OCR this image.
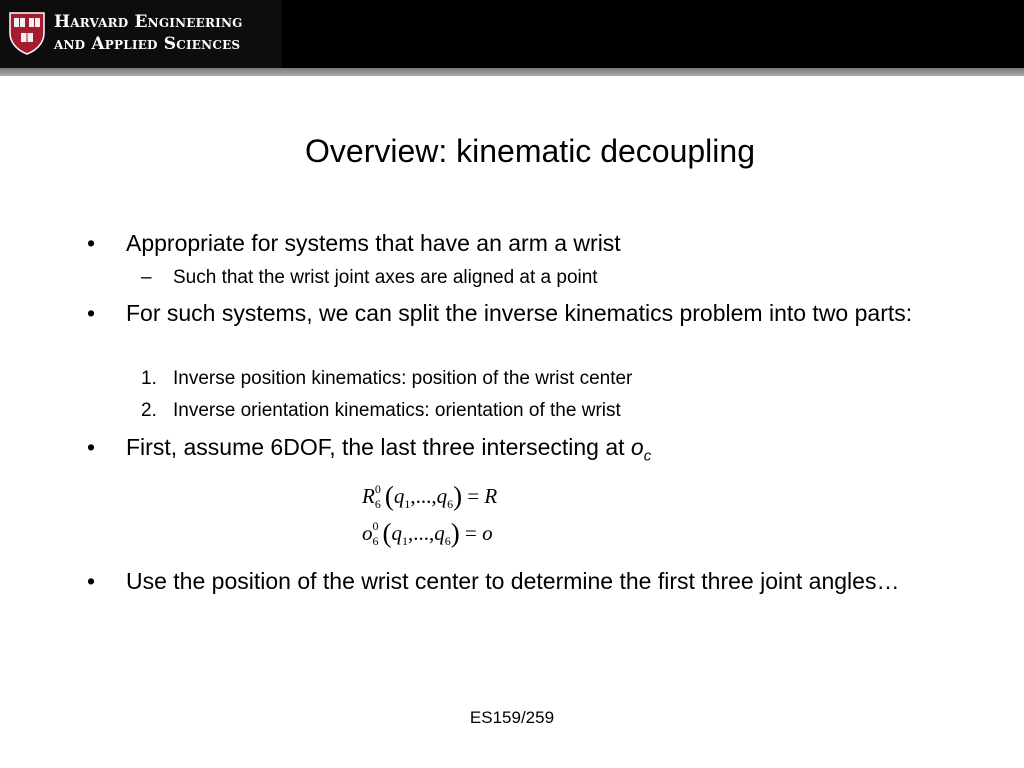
Harvard Engineering
and Applied Sciences
Overview: kinematic decoupling
• Appropriate for systems that have an arm a wrist
– Such that the wrist joint axes are aligned at a point
• For such systems, we can split the inverse kinematics problem into two parts:
1. Inverse position kinematics: position of the wrist center
2. Inverse orientation kinematics: orientation of the wrist
• First, assume 6DOF, the last three intersecting at $o_c$
R 0
6 $(q_1,...,q_6) = R$
o 0
6 $(q_1,...,q_6) = o$
• Use the position of the wrist center to determine the first three joint angles…
ES159/259
